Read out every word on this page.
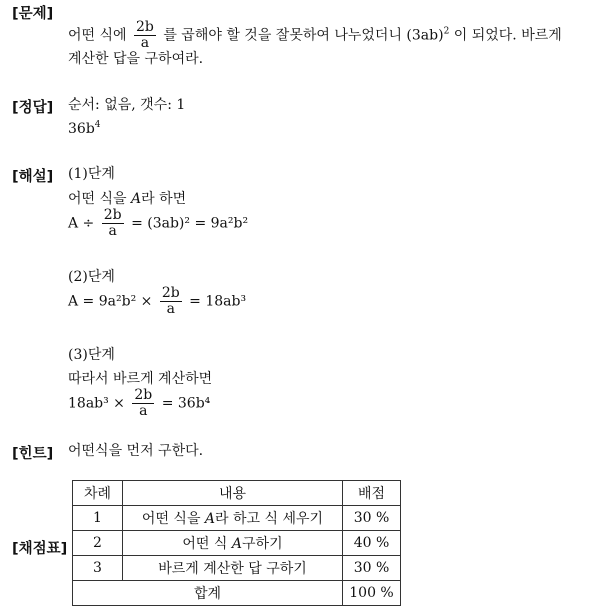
[문제]
어떤 식에 $\frac{2b}{a}$ 를 곱해야 할 것을 잘못하여 나누었더니 $(3ab)^2$ 이 되었다. 바르게
계산한 답을 구하여라.
[정답] 순서: 없음, 갯수: 1
$36b^4$
[해설] (1)단계
어떤 식을 A라 하면
$A \div \frac{2b}{a} = (3ab)^2 = 9a^2b^2$
(2)단계
$A = 9a^2b^2 \times \frac{2b}{a} = 18ab^3$
(3)단계
따라서 바르게 계산하면
$18ab^3 \times \frac{2b}{a} = 36b^4$
[힌트] 어떤식을 먼저 구한다.
[채점표]
차례	내용	배점
1	어떤 식을 A라 하고 식 세우기	30 %
2	어떤 식 A구하기	40 %
3	바르게 계산한 답 구하기	30 %
합계		100 %
